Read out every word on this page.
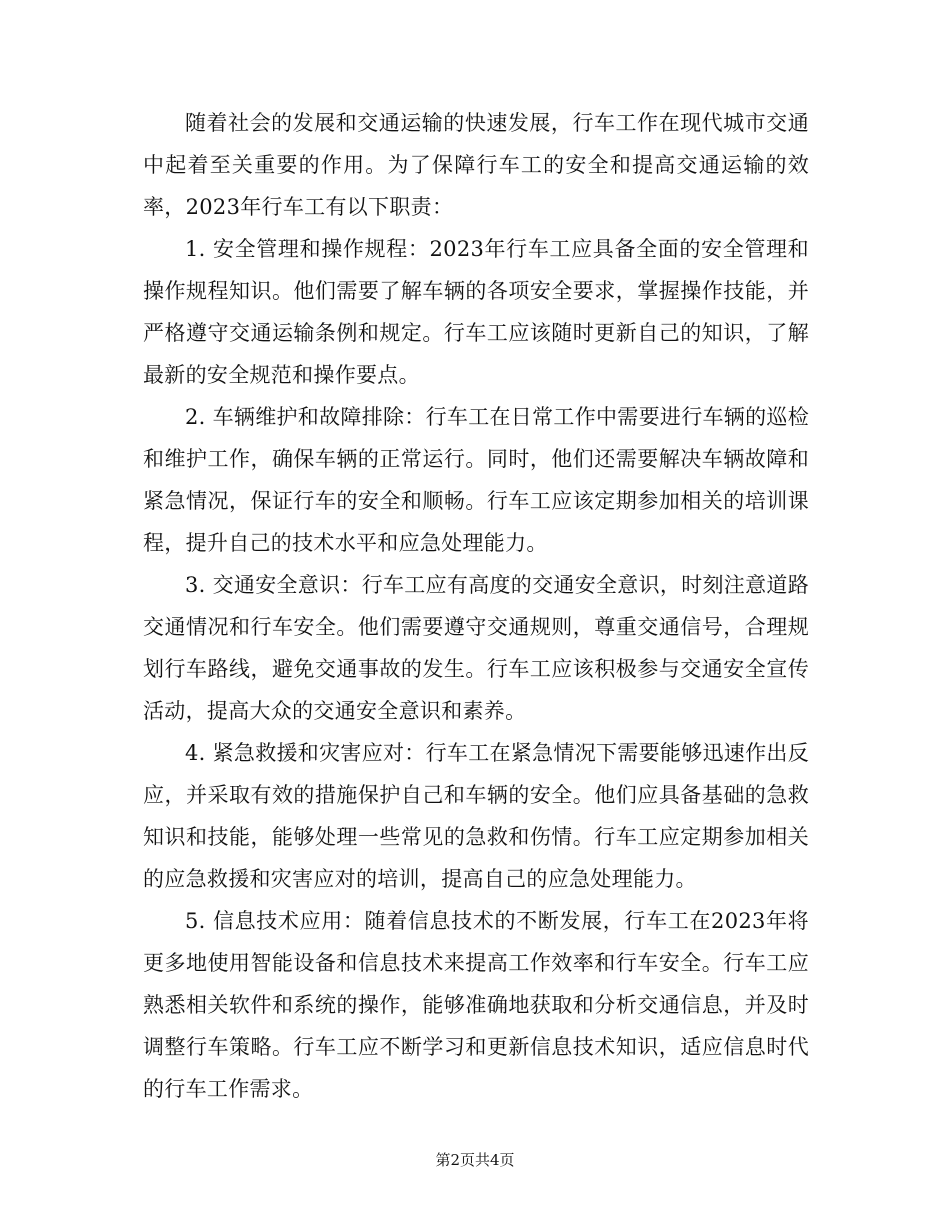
随着社会的发展和交通运输的快速发展，行车工作在现代城市交通中起着至关重要的作用。为了保障行车工的安全和提高交通运输的效率，2023年行车工有以下职责：

1. 安全管理和操作规程：2023年行车工应具备全面的安全管理和操作规程知识。他们需要了解车辆的各项安全要求，掌握操作技能，并严格遵守交通运输条例和规定。行车工应该随时更新自己的知识，了解最新的安全规范和操作要点。

2. 车辆维护和故障排除：行车工在日常工作中需要进行车辆的巡检和维护工作，确保车辆的正常运行。同时，他们还需要解决车辆故障和紧急情况，保证行车的安全和顺畅。行车工应该定期参加相关的培训课程，提升自己的技术水平和应急处理能力。

3. 交通安全意识：行车工应有高度的交通安全意识，时刻注意道路交通情况和行车安全。他们需要遵守交通规则，尊重交通信号，合理规划行车路线，避免交通事故的发生。行车工应该积极参与交通安全宣传活动，提高大众的交通安全意识和素养。

4. 紧急救援和灾害应对：行车工在紧急情况下需要能够迅速作出反应，并采取有效的措施保护自己和车辆的安全。他们应具备基础的急救知识和技能，能够处理一些常见的急救和伤情。行车工应定期参加相关的应急救援和灾害应对的培训，提高自己的应急处理能力。

5. 信息技术应用：随着信息技术的不断发展，行车工在2023年将更多地使用智能设备和信息技术来提高工作效率和行车安全。行车工应熟悉相关软件和系统的操作，能够准确地获取和分析交通信息，并及时调整行车策略。行车工应不断学习和更新信息技术知识，适应信息时代的行车工作需求。

第2页共4页
